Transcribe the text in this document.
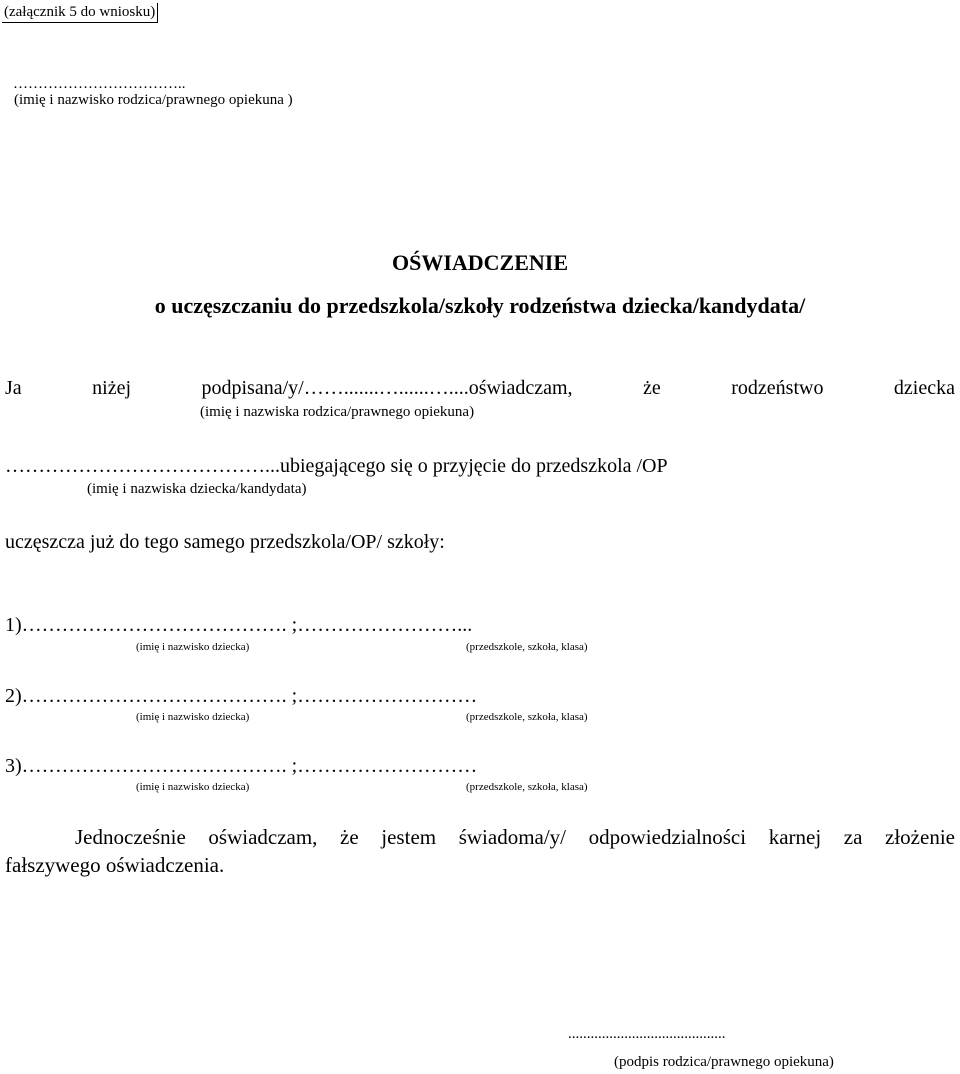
(załącznik 5 do wniosku)
……………………………..
(imię i nazwisko rodzica/prawnego opiekuna )
OŚWIADCZENIE
o uczęszczaniu do przedszkola/szkoły rodzeństwa dziecka/kandydata/
Ja	niżej	podpisana/y/…….......…......…....oświadczam,	że	rodzeństwo	dziecka
(imię i nazwiska rodzica/prawnego opiekuna)
…………………………………...ubiegającego się o przyjęcie do przedszkola /OP
(imię i nazwiska dziecka/kandydata)
uczęszcza już do tego samego przedszkola/OP/ szkoły:
1)…………………………………. ;……………………...
(imię i nazwisko dziecka)	(przedszkole, szkoła, klasa)
2)…………………………………. ;………………………
(imię i nazwisko dziecka)	(przedszkole, szkoła, klasa)
3)…………………………………. ;………………………
(imię i nazwisko dziecka)	(przedszkole, szkoła, klasa)
Jednocześnie oświadczam, że jestem świadoma/y/ odpowiedzialności karnej za złożenie
fałszywego oświadczenia.
..........................................
(podpis rodzica/prawnego opiekuna)
